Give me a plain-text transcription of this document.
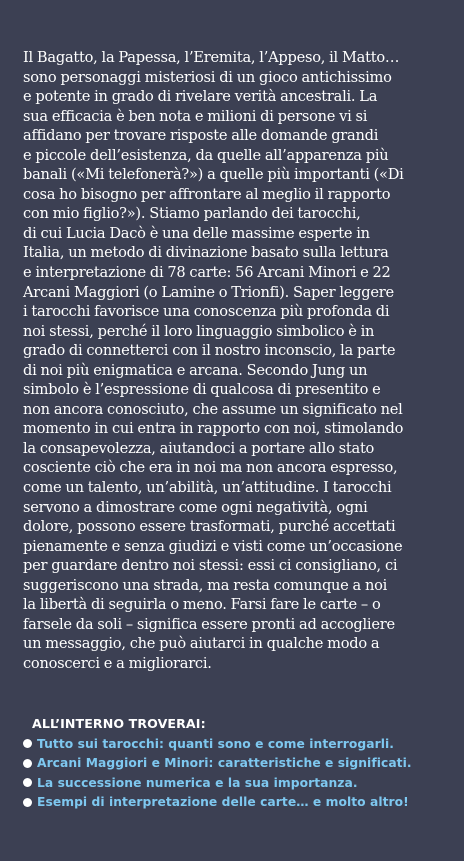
Il Bagatto, la Papessa, l’Eremita, l’Appeso, il Matto…
sono personaggi misteriosi di un gioco antichissimo
e potente in grado di rivelare verità ancestrali. La
sua efficacia è ben nota e milioni di persone vi si
affidano per trovare risposte alle domande grandi
e piccole dell’esistenza, da quelle all’apparenza più
banali («Mi telefonerà?») a quelle più importanti («Di
cosa ho bisogno per affrontare al meglio il rapporto
con mio figlio?»). Stiamo parlando dei tarocchi,
di cui Lucia Dacò è una delle massime esperte in
Italia, un metodo di divinazione basato sulla lettura
e interpretazione di 78 carte: 56 Arcani Minori e 22
Arcani Maggiori (o Lamine o Trionfi). Saper leggere
i tarocchi favorisce una conoscenza più profonda di
noi stessi, perché il loro linguaggio simbolico è in
grado di connetterci con il nostro inconscio, la parte
di noi più enigmatica e arcana. Secondo Jung un
simbolo è l’espressione di qualcosa di presentito e
non ancora conosciuto, che assume un significato nel
momento in cui entra in rapporto con noi, stimolando
la consapevolezza, aiutandoci a portare allo stato
cosciente ciò che era in noi ma non ancora espresso,
come un talento, un’abilità, un’attitudine. I tarocchi
servono a dimostrare come ogni negatività, ogni
dolore, possono essere trasformati, purché accettati
pienamente e senza giudizi e visti come un’occasione
per guardare dentro noi stessi: essi ci consigliano, ci
suggeriscono una strada, ma resta comunque a noi
la libertà di seguirla o meno. Farsi fare le carte – o
farsele da soli – significa essere pronti ad accogliere
un messaggio, che può aiutarci in qualche modo a
conoscerci e a migliorarci.

ALL’INTERNO TROVERAI:
Tutto sui tarocchi: quanti sono e come interrogarli.
Arcani Maggiori e Minori: caratteristiche e significati.
La successione numerica e la sua importanza.
Esempi di interpretazione delle carte… e molto altro!
